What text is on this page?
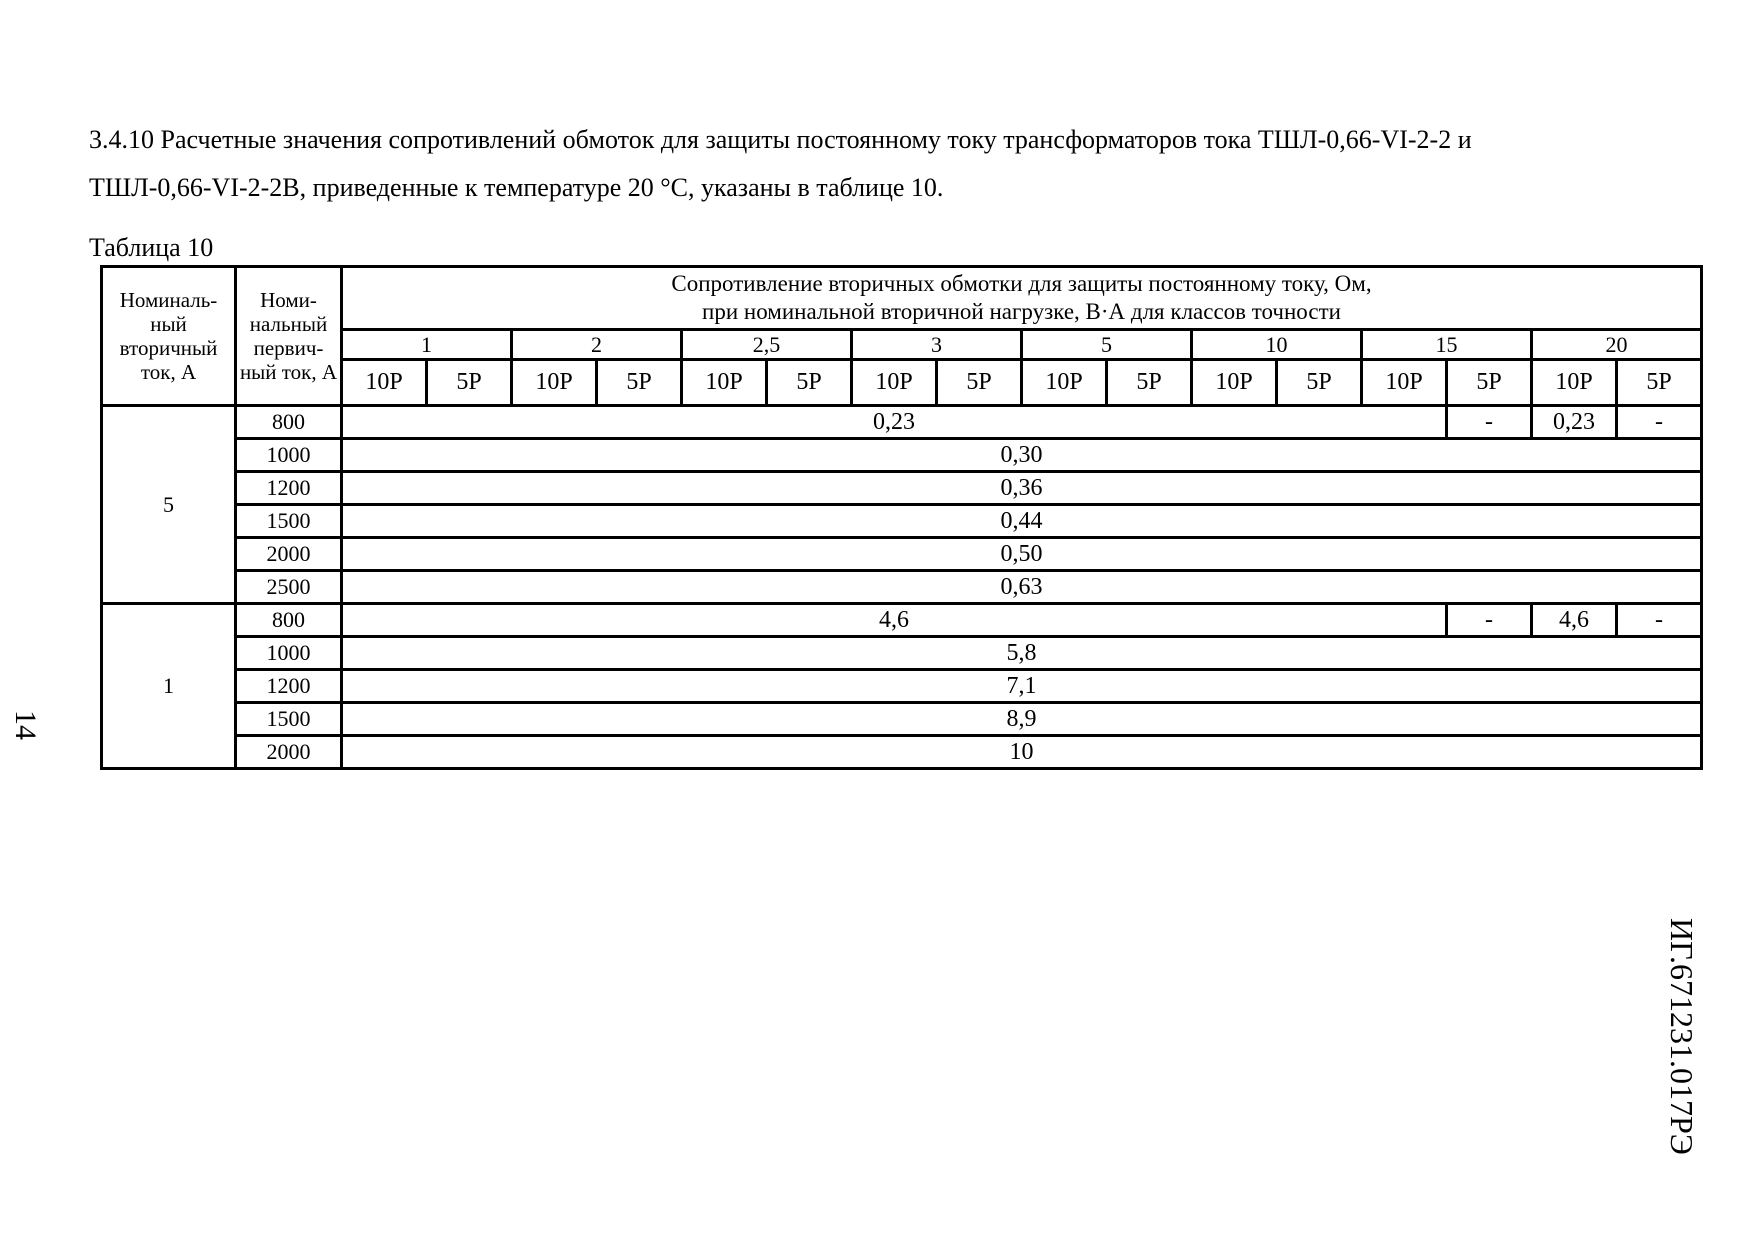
3.4.10 Расчетные значения сопротивлений обмоток для защиты постоянному току трансформаторов тока ТШЛ-0,66-VI-2-2 и
ТШЛ-0,66-VI-2-2В, приведенные к температуре 20 °С, указаны в таблице 10.
Таблица 10
Номиналь-ный вторичный ток, А	Номи-нальный первич-ный ток, А	Сопротивление вторичных обмотки для защиты постоянному току, Ом,
при номинальной вторичной нагрузке, В·А для классов точности															

		1		2		2,5		3		5		10		15		20	
		10Р	5Р	10Р	5Р	10Р	5Р	10Р	5Р	10Р	5Р	10Р	5Р	10Р	5Р	10Р	5Р
5	800	0,23													-	0,23	-
	1000	0,30															
	1200	0,36															
	1500	0,44															
	2000	0,50															
	2500	0,63															
1	800	4,6													-	4,6	-
	1000	5,8															
	1200	7,1															
	1500	8,9															
	2000	10															
14
ИГ.671231.017РЭ
